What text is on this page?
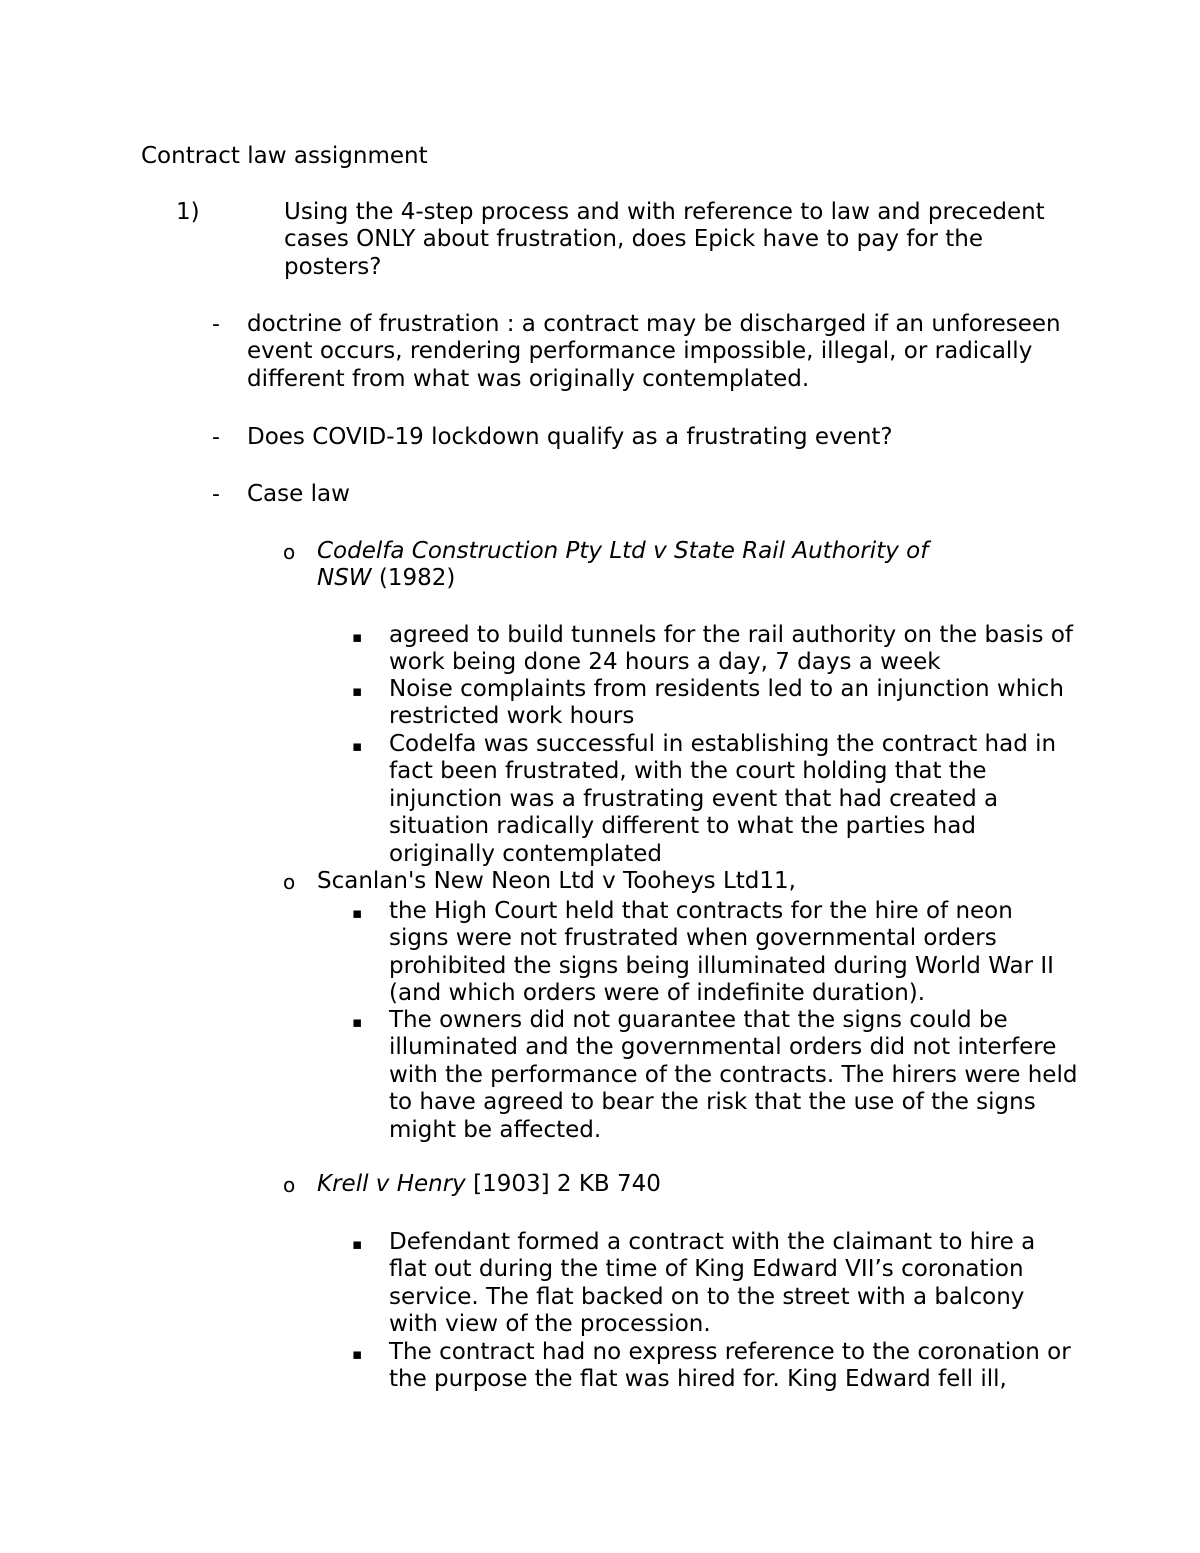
Contract law assignment
1)	Using the 4-step process and with reference to law and precedent cases ONLY about frustration, does Epick have to pay for the posters?
- doctrine of frustration : a contract may be discharged if an unforeseen event occurs, rendering performance impossible, illegal, or radically different from what was originally contemplated.
- Does COVID-19 lockdown qualify as a frustrating event?
- Case law
o Codelfa Construction Pty Ltd v State Rail Authority of NSW (1982)
▪ agreed to build tunnels for the rail authority on the basis of work being done 24 hours a day, 7 days a week
▪ Noise complaints from residents led to an injunction which restricted work hours
▪ Codelfa was successful in establishing the contract had in fact been frustrated, with the court holding that the injunction was a frustrating event that had created a situation radically different to what the parties had originally contemplated
o Scanlan's New Neon Ltd v Tooheys Ltd11,
▪ the High Court held that contracts for the hire of neon signs were not frustrated when governmental orders prohibited the signs being illuminated during World War II (and which orders were of indefinite duration).
▪ The owners did not guarantee that the signs could be illuminated and the governmental orders did not interfere with the performance of the contracts. The hirers were held to have agreed to bear the risk that the use of the signs might be affected.
o Krell v Henry [1903] 2 KB 740
▪ Defendant formed a contract with the claimant to hire a flat out during the time of King Edward VII’s coronation service. The flat backed on to the street with a balcony with view of the procession.
▪ The contract had no express reference to the coronation or the purpose the flat was hired for. King Edward fell ill,
